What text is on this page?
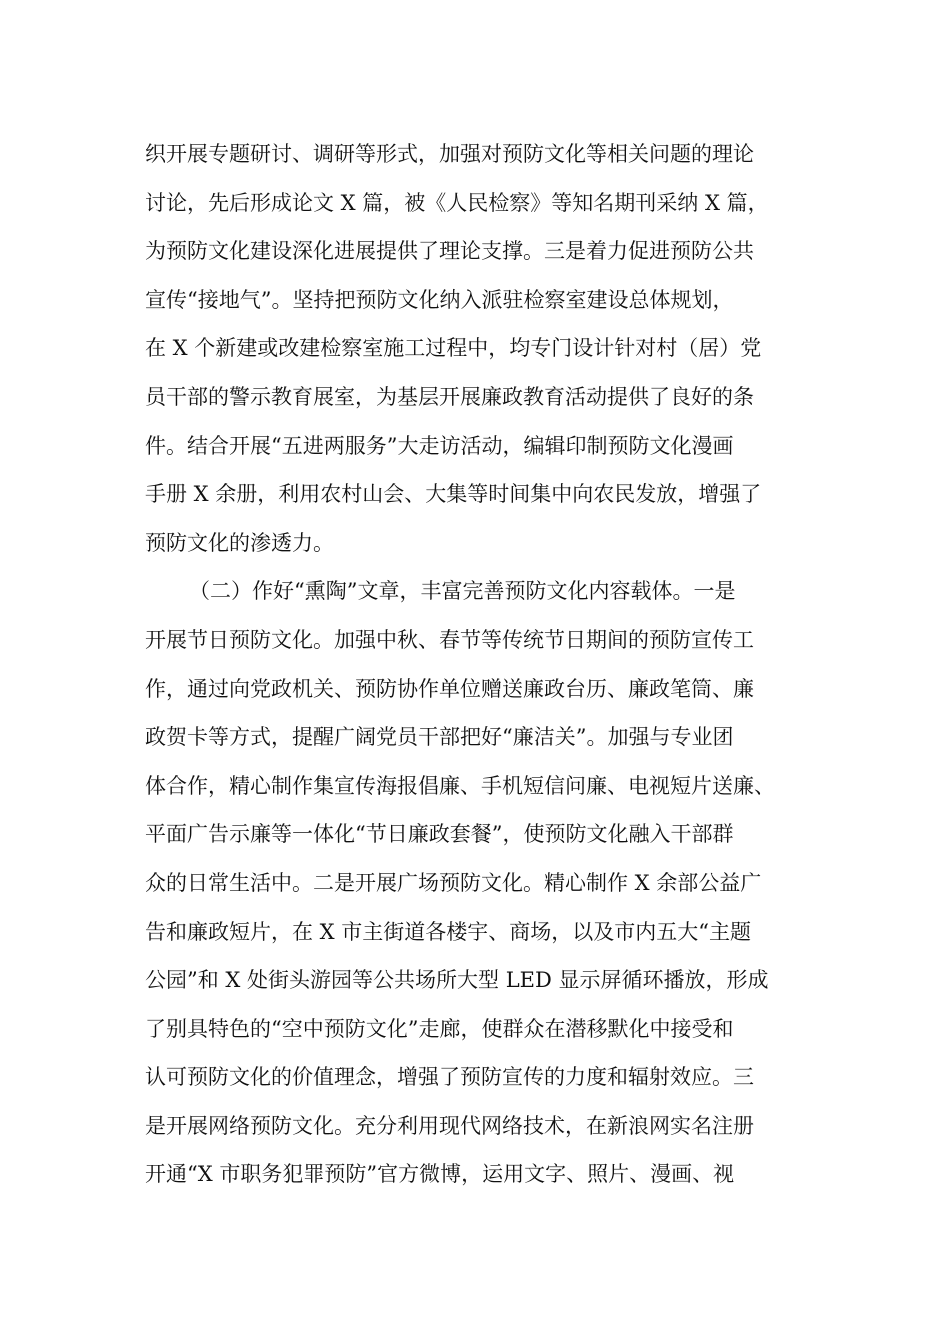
织开展专题研讨、调研等形式，加强对预防文化等相关问题的理论
讨论，先后形成论文 X 篇，被《人民检察》等知名期刊采纳 X 篇，
为预防文化建设深化进展提供了理论支撑。三是着力促进预防公共
宣传“接地气”。坚持把预防文化纳入派驻检察室建设总体规划，
在 X 个新建或改建检察室施工过程中，均专门设计针对村（居）党
员干部的警示教育展室，为基层开展廉政教育活动提供了良好的条
件。结合开展“五进两服务”大走访活动，编辑印制预防文化漫画
手册 X 余册，利用农村山会、大集等时间集中向农民发放，增强了
预防文化的渗透力。
（二）作好“熏陶”文章，丰富完善预防文化内容载体。一是
开展节日预防文化。加强中秋、春节等传统节日期间的预防宣传工
作，通过向党政机关、预防协作单位赠送廉政台历、廉政笔筒、廉
政贺卡等方式，提醒广阔党员干部把好“廉洁关”。加强与专业团
体合作，精心制作集宣传海报倡廉、手机短信问廉、电视短片送廉、
平面广告示廉等一体化“节日廉政套餐”，使预防文化融入干部群
众的日常生活中。二是开展广场预防文化。精心制作 X 余部公益广
告和廉政短片，在 X 市主街道各楼宇、商场，以及市内五大“主题
公园”和 X 处街头游园等公共场所大型 LED 显示屏循环播放，形成
了别具特色的“空中预防文化”走廊，使群众在潜移默化中接受和
认可预防文化的价值理念，增强了预防宣传的力度和辐射效应。三
是开展网络预防文化。充分利用现代网络技术，在新浪网实名注册
开通“X 市职务犯罪预防”官方微博，运用文字、照片、漫画、视
